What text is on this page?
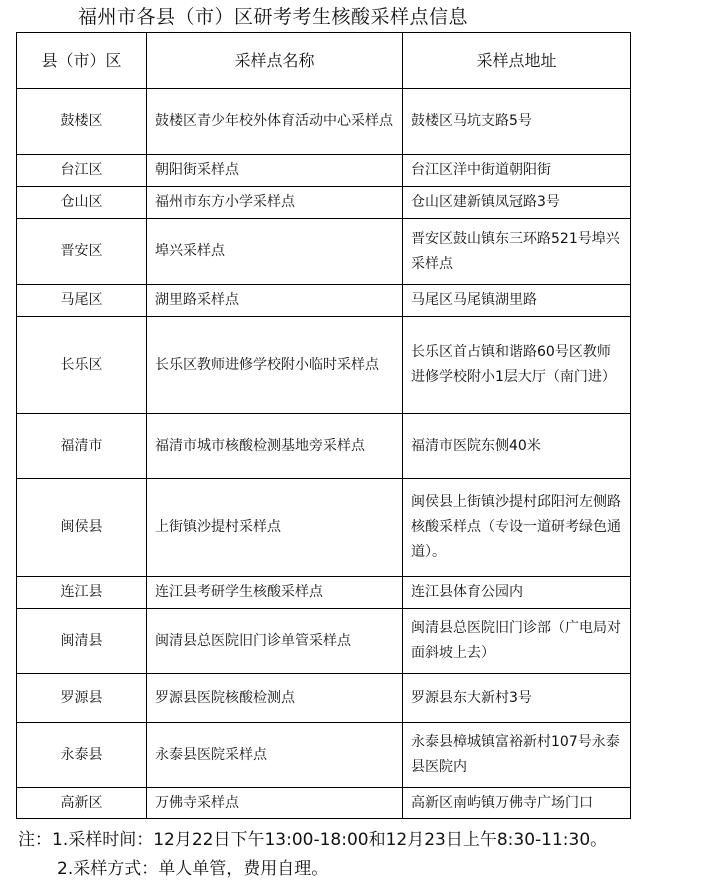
福州市各县（市）区研考考生核酸采样点信息
县（市）区	采样点名称	采样点地址
鼓楼区	鼓楼区青少年校外体育活动中心采样点	鼓楼区马坑支路5号
台江区	朝阳街采样点	台江区洋中街道朝阳街
仓山区	福州市东方小学采样点	仓山区建新镇凤冠路3号
晋安区	埠兴采样点	晋安区鼓山镇东三环路521号埠兴采样点
马尾区	湖里路采样点	马尾区马尾镇湖里路
长乐区	长乐区教师进修学校附小临时采样点	长乐区首占镇和谐路60号区教师进修学校附小1层大厅（南门进）
福清市	福清市城市核酸检测基地旁采样点	福清市医院东侧40米
闽侯县	上街镇沙提村采样点	闽侯县上街镇沙提村邱阳河左侧路核酸采样点（专设一道研考绿色通道）。
连江县	连江县考研学生核酸采样点	连江县体育公园内
闽清县	闽清县总医院旧门诊单管采样点	闽清县总医院旧门诊部（广电局对面斜坡上去）
罗源县	罗源县医院核酸检测点	罗源县东大新村3号
永泰县	永泰县医院采样点	永泰县樟城镇富裕新村107号永泰县医院内
高新区	万佛寺采样点	高新区南屿镇万佛寺广场门口
注：1.采样时间：12月22日下午13:00-18:00和12月23日上午8:30-11:30。
2.采样方式：单人单管，费用自理。
